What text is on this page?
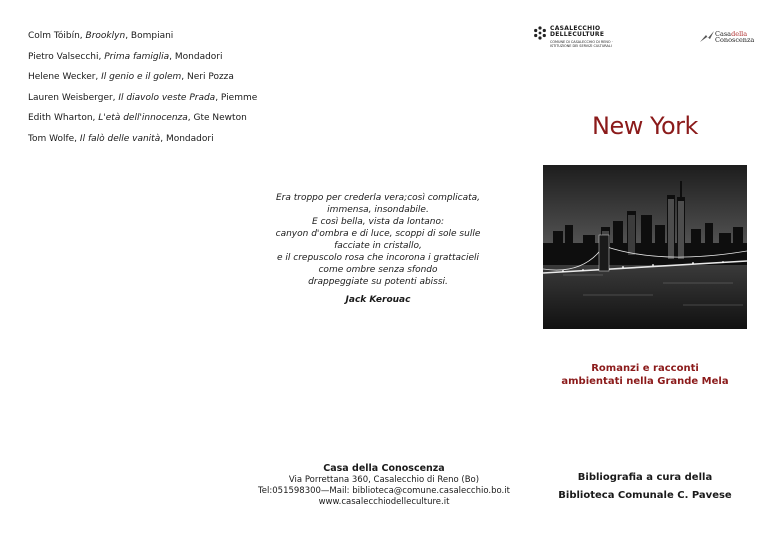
Colm Tóibín, Brooklyn, Bompiani
Pietro Valsecchi, Prima famiglia, Mondadori
Helene Wecker, Il genio e il golem, Neri Pozza
Lauren Weisberger, Il diavolo veste Prada, Piemme
Edith Wharton, L'età dell'innocenza, Gte Newton
Tom Wolfe, Il falò delle vanità, Mondadori
Era troppo per crederla vera;così complicata,
immensa, insondabile.
E così bella, vista da lontano:
canyon d'ombra e di luce, scoppi di sole sulle
facciate in cristallo,
e il crepuscolo rosa che incorona i grattacieli
come ombre senza sfondo
drappeggiate su potenti abissi.
Jack Kerouac
Casa della Conoscenza
Via Porrettana 360, Casalecchio di Reno (Bo)
Tel:051598300—Mail: biblioteca@comune.casalecchio.bo.it
www.casalecchiodelleculture.it
CASALECCHIO
DELLECULTURE
COMUNE DI CASALECCHIO DI RENO · ISTITUZIONE DEI SERVIZI CULTURALI
Casadella
Conoscenza
New York
Romanzi e racconti
ambientati nella Grande Mela
Bibliografia a cura della
Biblioteca Comunale C. Pavese
